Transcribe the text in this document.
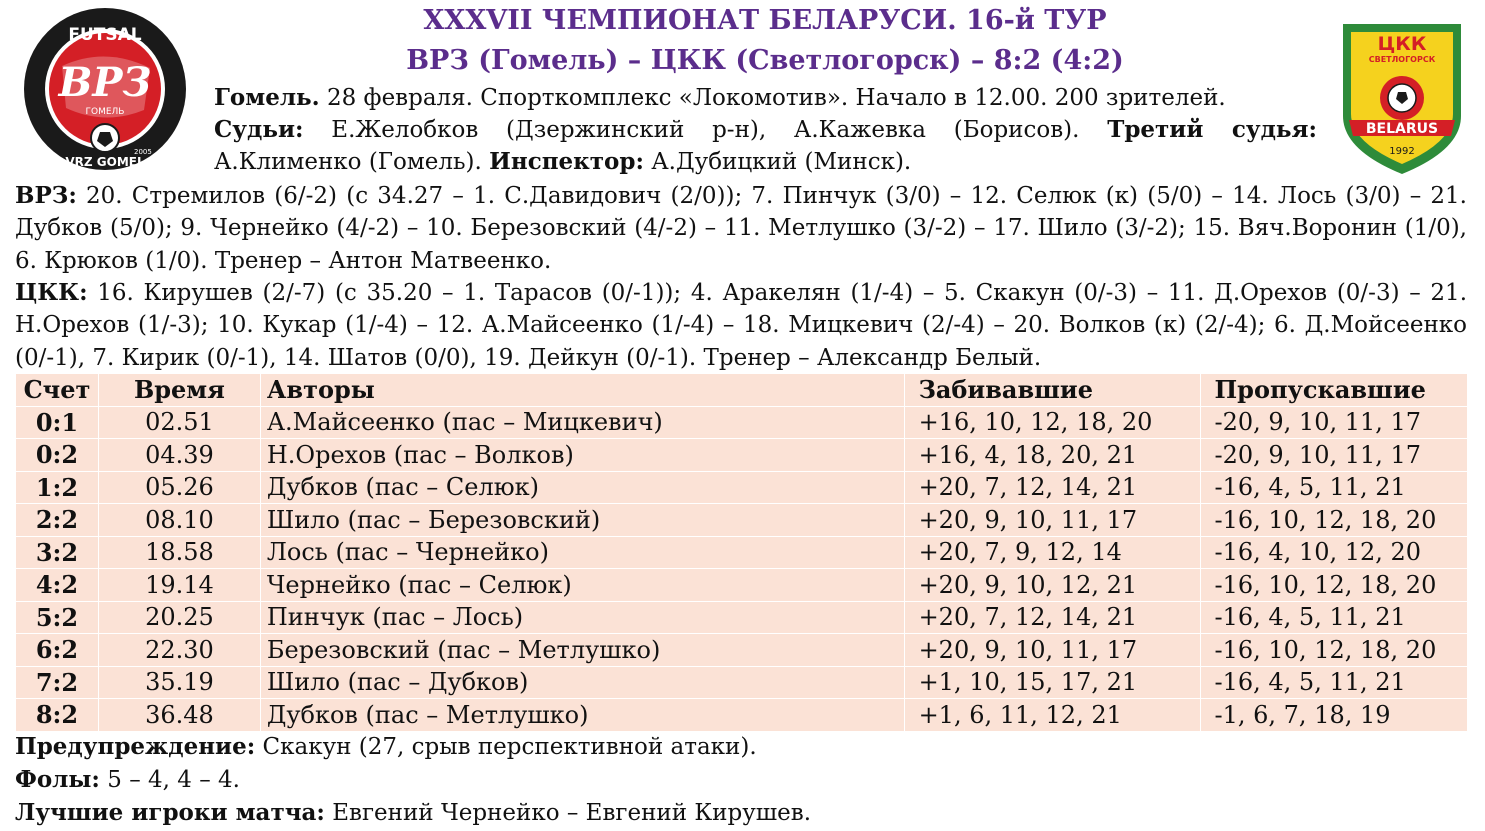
FUTSAL
ВРЗ
ГОМЕЛЬ
2005
VRZ GOMEL
ЦКК
СВЕТЛОГОРСК
BELARUS
1992
XXXVII ЧЕМПИОНАТ БЕЛАРУСИ. 16-й ТУР
ВРЗ (Гомель) – ЦКК (Светлогорск) – 8:2 (4:2)

Гомель. 28 февраля. Спорткомплекс «Локомотив». Начало в 12.00. 200 зрителей.

Судьи: Е.Желобков (Дзержинский р-н), А.Кажевка (Борисов). Третий судья: А.Клименко (Гомель). Инспектор: А.Дубицкий (Минск).

ВРЗ: 20. Стремилов (6/-2) (с 34.27 – 1. С.Давидович (2/0)); 7. Пинчук (3/0) – 12. Селюк (к) (5/0) – 14. Лось (3/0) – 21. Дубков (5/0); 9. Чернейко (4/-2) – 10. Березовский (4/-2) – 11. Метлушко (3/-2) – 17. Шило (3/-2); 15. Вяч.Воронин (1/0), 6. Крюков (1/0). Тренер – Антон Матвеенко.
ЦКК: 16. Кирушев (2/-7) (с 35.20 – 1. Тарасов (0/-1)); 4. Аракелян (1/-4) – 5. Скакун (0/-3) – 11. Д.Орехов (0/-3) – 21. Н.Орехов (1/-3); 10. Кукар (1/-4) – 12. А.Майсеенко (1/-4) – 18. Мицкевич (2/-4) – 20. Волков (к) (2/-4); 6. Д.Мойсеенко (0/-1), 7. Кирик (0/-1), 14. Шатов (0/0), 19. Дейкун (0/-1). Тренер – Александр Белый.
Счет	Время	Авторы	Забивавшие	Пропускавшие
0:1	02.51	А.Майсеенко (пас – Мицкевич)	+16, 10, 12, 18, 20	-20, 9, 10, 11, 17
0:2	04.39	Н.Орехов (пас – Волков)	+16, 4, 18, 20, 21	-20, 9, 10, 11, 17
1:2	05.26	Дубков (пас – Селюк)	+20, 7, 12, 14, 21	-16, 4, 5, 11, 21
2:2	08.10	Шило (пас – Березовский)	+20, 9, 10, 11, 17	-16, 10, 12, 18, 20
3:2	18.58	Лось (пас – Чернейко)	+20, 7, 9, 12, 14	-16, 4, 10, 12, 20
4:2	19.14	Чернейко (пас – Селюк)	+20, 9, 10, 12, 21	-16, 10, 12, 18, 20
5:2	20.25	Пинчук (пас – Лось)	+20, 7, 12, 14, 21	-16, 4, 5, 11, 21
6:2	22.30	Березовский (пас – Метлушко)	+20, 9, 10, 11, 17	-16, 10, 12, 18, 20
7:2	35.19	Шило (пас – Дубков)	+1, 10, 15, 17, 21	-16, 4, 5, 11, 21
8:2	36.48	Дубков (пас – Метлушко)	+1, 6, 11, 12, 21	-1, 6, 7, 18, 19
Предупреждение: Скакун (27, срыв перспективной атаки).
Фолы: 5 – 4, 4 – 4.
Лучшие игроки матча: Евгений Чернейко – Евгений Кирушев.
